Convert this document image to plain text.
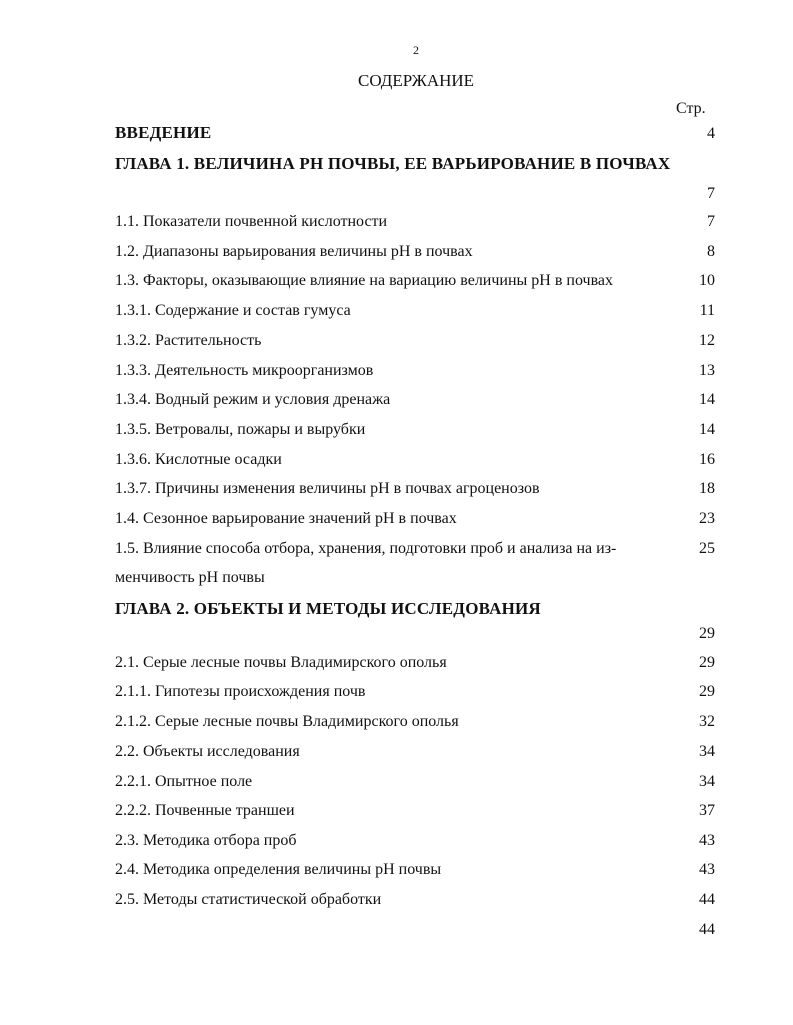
2
СОДЕРЖАНИЕ
Стр.
ВВЕДЕНИЕ	4
ГЛАВА 1. ВЕЛИЧИНА РН ПОЧВЫ, ЕЕ ВАРЬИРОВАНИЕ В ПОЧВАХ
7
1.1. Показатели почвенной кислотности	7
1.2. Диапазоны варьирования величины рН в почвах	8
1.3. Факторы, оказывающие влияние на вариацию величины рН в почвах	10
1.3.1. Содержание и состав гумуса	11
1.3.2. Растительность	12
1.3.3. Деятельность микроорганизмов	13
1.3.4. Водный режим и условия дренажа	14
1.3.5. Ветровалы, пожары и вырубки	14
1.3.6. Кислотные осадки	16
1.3.7. Причины изменения величины рН в почвах агроценозов	18
1.4. Сезонное варьирование значений рН в почвах	23
1.5. Влияние способа отбора, хранения, подготовки проб и анализа на из-	25
менчивость рН почвы
ГЛАВА 2. ОБЪЕКТЫ И МЕТОДЫ ИССЛЕДОВАНИЯ
29
2.1. Серые лесные почвы Владимирского ополья	29
2.1.1. Гипотезы происхождения почв	29
2.1.2. Серые лесные почвы Владимирского ополья	32
2.2. Объекты исследования	34
2.2.1. Опытное поле	34
2.2.2. Почвенные траншеи	37
2.3. Методика отбора проб	43
2.4. Методика определения величины рН почвы	43
2.5. Методы статистической обработки	44
44
